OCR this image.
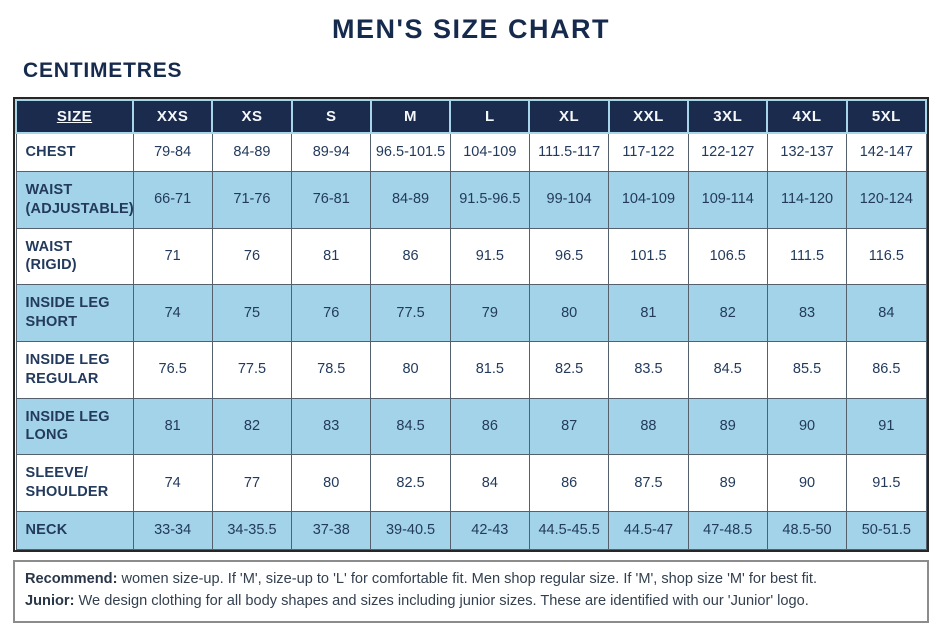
MEN'S SIZE CHART
CENTIMETRES
SIZE	XXS	XS	S	M	L	XL	XXL	3XL	4XL	5XL
CHEST	79-84	84-89	89-94	96.5-101.5	104-109	111.5-117	117-122	122-127	132-137	142-147
WAIST (ADJUSTABLE)	66-71	71-76	76-81	84-89	91.5-96.5	99-104	104-109	109-114	114-120	120-124
WAIST (RIGID)	71	76	81	86	91.5	96.5	101.5	106.5	111.5	116.5
INSIDE LEG SHORT	74	75	76	77.5	79	80	81	82	83	84
INSIDE LEG REGULAR	76.5	77.5	78.5	80	81.5	82.5	83.5	84.5	85.5	86.5
INSIDE LEG LONG	81	82	83	84.5	86	87	88	89	90	91
SLEEVE/ SHOULDER	74	77	80	82.5	84	86	87.5	89	90	91.5
NECK	33-34	34-35.5	37-38	39-40.5	42-43	44.5-45.5	44.5-47	47-48.5	48.5-50	50-51.5

Recommend: women size-up. If 'M', size-up to 'L' for comfortable fit. Men shop regular size. If 'M', shop size 'M' for best fit.

Junior: We design clothing for all body shapes and sizes including junior sizes. These are identified with our 'Junior' logo.
